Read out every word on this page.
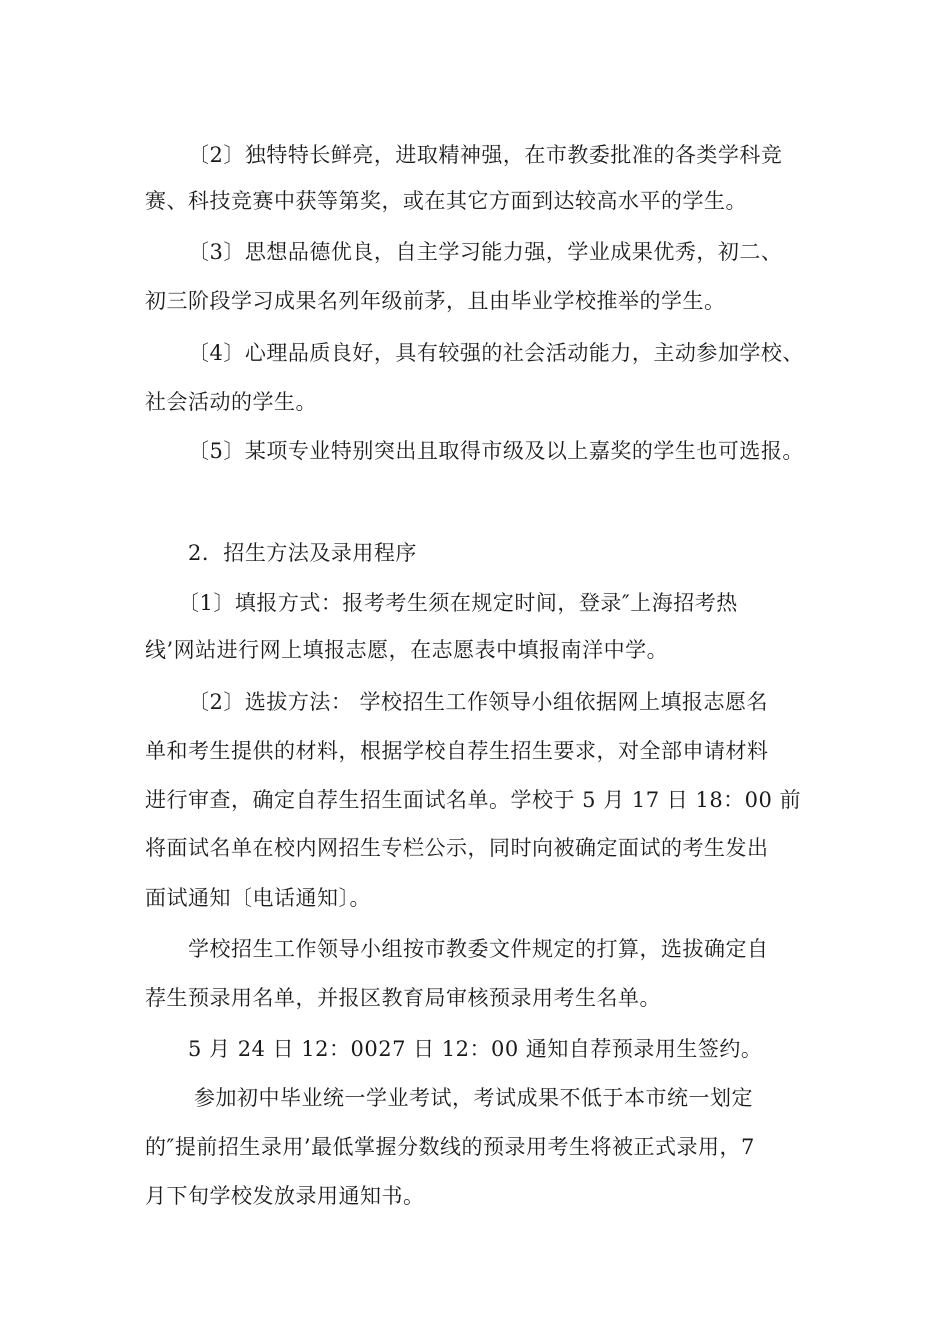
〔2〕独特特长鲜亮，进取精神强，在市教委批准的各类学科竞
赛、科技竞赛中获等第奖，或在其它方面到达较高水平的学生。
〔3〕思想品德优良，自主学习能力强，学业成果优秀，初二、
初三阶段学习成果名列年级前茅，且由毕业学校推举的学生。
〔4〕心理品质良好，具有较强的社会活动能力，主动参加学校、
社会活动的学生。
〔5〕某项专业特别突出且取得市级及以上嘉奖的学生也可选报。
2．招生方法及录用程序
〔1〕填报方式：报考考生须在规定时间，登录″上海招考热
线’网站进行网上填报志愿，在志愿表中填报南洋中学。
〔2〕选拔方法： 学校招生工作领导小组依据网上填报志愿名
单和考生提供的材料，根据学校自荐生招生要求，对全部申请材料
进行审查，确定自荐生招生面试名单。学校于 5 月 17 日 18：00 前
将面试名单在校内网招生专栏公示，同时向被确定面试的考生发出
面试通知〔电话通知〕。
学校招生工作领导小组按市教委文件规定的打算，选拔确定自
荐生预录用名单，并报区教育局审核预录用考生名单。
5 月 24 日 12：0027 日 12：00 通知自荐预录用生签约。
参加初中毕业统一学业考试，考试成果不低于本市统一划定
的″提前招生录用’最低掌握分数线的预录用考生将被正式录用，7
月下旬学校发放录用通知书。
